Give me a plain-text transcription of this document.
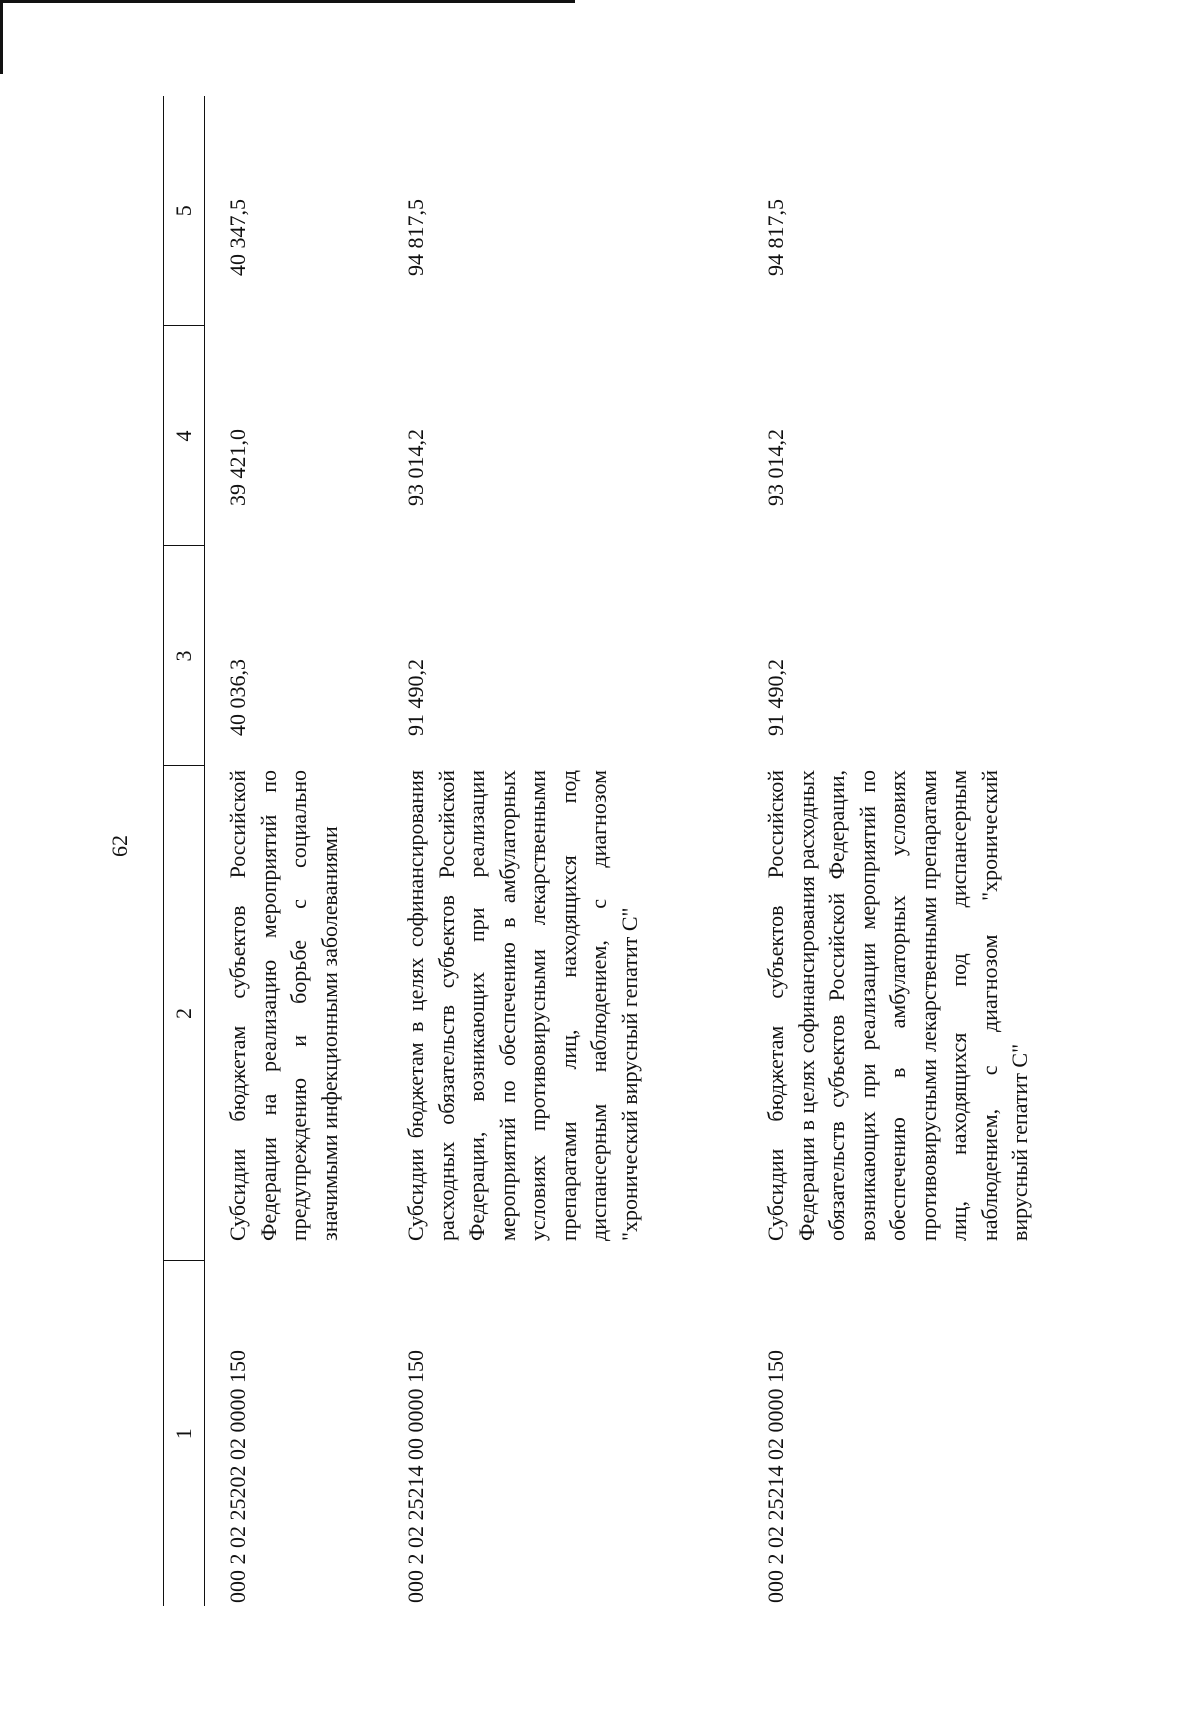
62
1	2	3	4	5
000 2 02 25202 02 0000 150	Субсидии бюджетам субъектов Российской Федерации на реализацию мероприятий по предупреждению и борьбе с социально значимыми инфекционными заболеваниями	40 036,3	39 421,0	40 347,5
000 2 02 25214 00 0000 150	Субсидии бюджетам в целях софинансирования расходных обязательств субъектов Российской Федерации, возникающих при реализации мероприятий по обеспечению в амбулаторных условиях противовирусными лекарственными препаратами лиц, находящихся под диспансерным наблюдением, с диагнозом "хронический вирусный гепатит С"	91 490,2	93 014,2	94 817,5
000 2 02 25214 02 0000 150	Субсидии бюджетам субъектов Российской Федерации в целях софинансирования расходных обязательств субъектов Российской Федерации, возникающих при реализации мероприятий по обеспечению в амбулаторных условиях противовирусными лекарственными препаратами лиц, находящихся под диспансерным наблюдением, с диагнозом "хронический вирусный гепатит С"	91 490,2	93 014,2	94 817,5
